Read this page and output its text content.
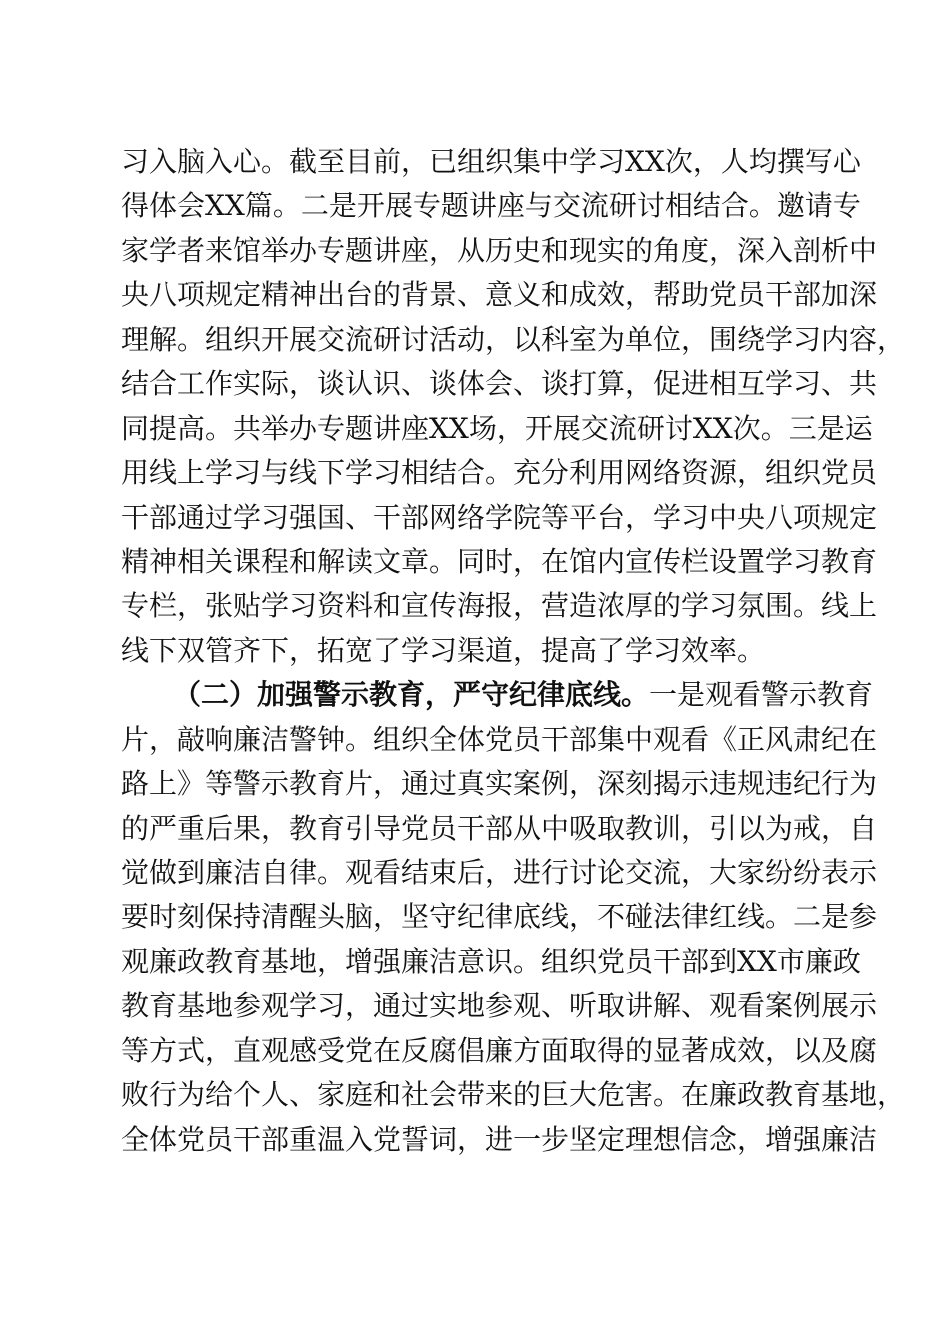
习入脑入心。截至目前，已组织集中学习XX次，人均撰写心
得体会XX篇。二是开展专题讲座与交流研讨相结合。邀请专
家学者来馆举办专题讲座，从历史和现实的角度，深入剖析中
央八项规定精神出台的背景、意义和成效，帮助党员干部加深
理解。组织开展交流研讨活动，以科室为单位，围绕学习内容，
结合工作实际，谈认识、谈体会、谈打算，促进相互学习、共
同提高。共举办专题讲座XX场，开展交流研讨XX次。三是运
用线上学习与线下学习相结合。充分利用网络资源，组织党员
干部通过学习强国、干部网络学院等平台，学习中央八项规定
精神相关课程和解读文章。同时，在馆内宣传栏设置学习教育
专栏，张贴学习资料和宣传海报，营造浓厚的学习氛围。线上
线下双管齐下，拓宽了学习渠道，提高了学习效率。
（二）加强警示教育，严守纪律底线。一是观看警示教育
片，敲响廉洁警钟。组织全体党员干部集中观看《正风肃纪在
路上》等警示教育片，通过真实案例，深刻揭示违规违纪行为
的严重后果，教育引导党员干部从中吸取教训，引以为戒，自
觉做到廉洁自律。观看结束后，进行讨论交流，大家纷纷表示
要时刻保持清醒头脑，坚守纪律底线，不碰法律红线。二是参
观廉政教育基地，增强廉洁意识。组织党员干部到XX市廉政
教育基地参观学习，通过实地参观、听取讲解、观看案例展示
等方式，直观感受党在反腐倡廉方面取得的显著成效，以及腐
败行为给个人、家庭和社会带来的巨大危害。在廉政教育基地，
全体党员干部重温入党誓词，进一步坚定理想信念，增强廉洁
